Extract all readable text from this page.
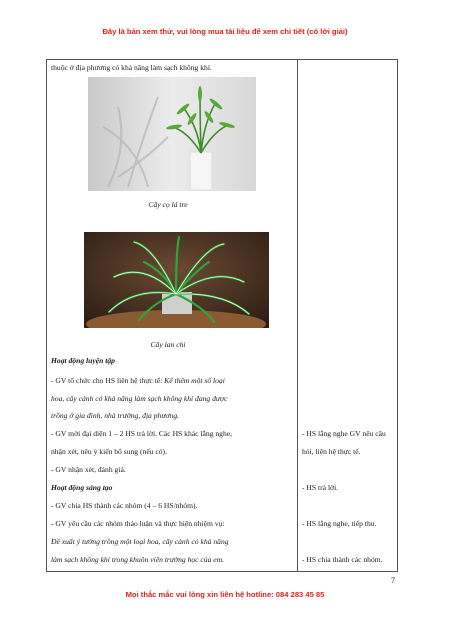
Đây là bản xem thử, vui lòng mua tài liệu để xem chi tiết (có lời giải)
thuộc ở địa phương có khả năng làm sạch không khí.
Cây cọ lá tre
Cây lan chi
Hoạt động luyện tập
- GV tổ chức cho HS liên hệ thực tế: Kể thêm một số loại
hoa, cây cảnh có khả năng làm sạch không khí đang được
trồng ở gia đình, nhà trường, địa phương.
- GV mời đại diện 1 – 2 HS trả lời. Các HS khác lắng nghe,
nhận xét, nêu ý kiến bổ sung (nếu có).
- GV nhận xét, đánh giá.
Hoạt động sáng tạo
- GV chia HS thành các nhóm (4 – 6 HS/nhóm).
- GV yêu cầu các nhóm thảo luận và thực hiện nhiệm vụ:
Đề xuất ý tưởng trồng một loại hoa, cây cảnh có khả năng
làm sạch không khí trong khuôn viên trường học của em.
- HS lắng nghe GV nêu câu
hỏi, liên hệ thực tế.
- HS trả lời.
- HS lắng nghe, tiếp thu.
- HS chia thành các nhóm.
7
Mọi thắc mắc vui lòng xin liên hệ hotline: 084 283 45 85
